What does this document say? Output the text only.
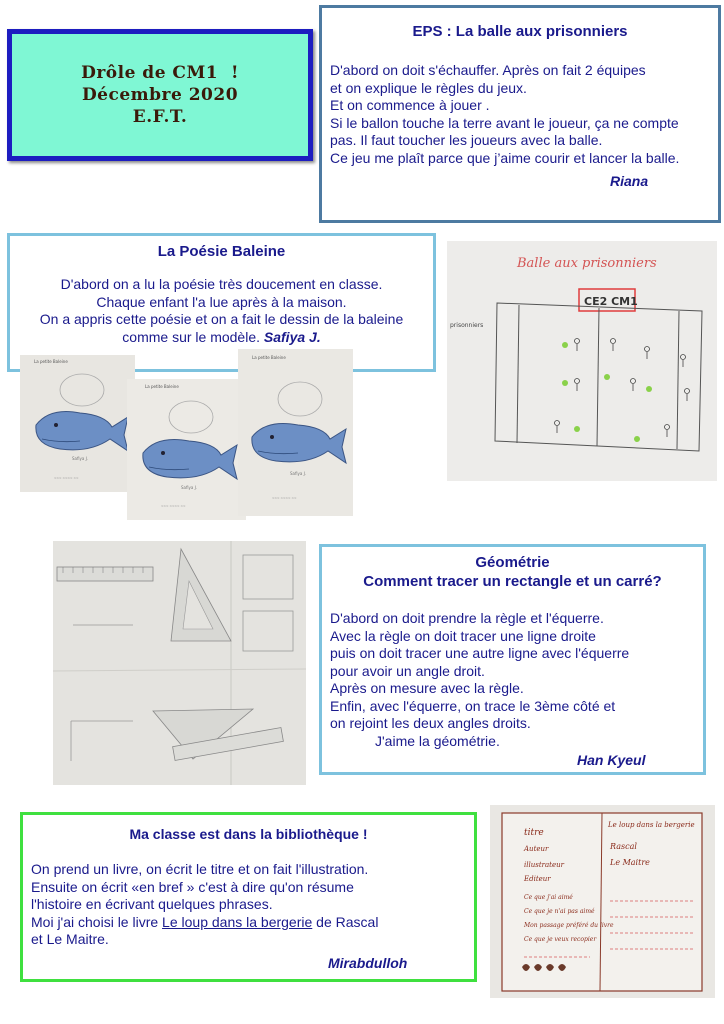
Drôle de CM1  !
Décembre 2020
E.F.T.
EPS : La balle aux prisonniers
D'abord on doit s'échauffer. Après on fait 2 équipes
et on explique le règles du jeux.
Et on commence à jouer .
Si le ballon touche la terre avant le joueur, ça ne compte
pas. Il faut toucher les joueurs avec la balle.
Ce jeu me plaît parce que j’aime courir et lancer la balle.
Riana
La Poésie Baleine
D'abord on a lu la poésie très doucement en classe.
Chaque enfant l'a lue après à la maison.
On a appris cette poésie et on a fait le dessin de la baleine
comme sur le modèle. Safiya J.
La petite Baleine
Safiya J.
≈≈≈ ≈≈≈≈ ≈≈
La petite Baleine
Safiya J.
≈≈≈ ≈≈≈≈ ≈≈
La petite Baleine
Safiya J.
≈≈≈ ≈≈≈≈ ≈≈
Balle aux prisonniers
CE2 CM1
prisonniers
Géométrie
Comment tracer un rectangle et un carré?
D'abord on doit prendre la règle et l'équerre.
Avec la règle on doit tracer une ligne droite
puis on doit tracer une autre ligne avec l'équerre
pour avoir un angle droit.
Après on mesure avec la règle.
Enfin, avec l'équerre, on trace le 3ème côté et
on rejoint les deux angles droits.
J'aime la géométrie.
Han Kyeul
Ma classe est dans la bibliothèque !
On prend un livre, on écrit le titre et on fait l'illustration.
Ensuite on écrit «en bref » c'est à dire qu'on résume
l'histoire en écrivant quelques phrases.
Moi j'ai choisi le livre Le loup dans la bergerie de Rascal
et Le Maitre.
Mirabdulloh
titre
Auteur
illustrateur
Editeur
Ce que j'ai aimé
Ce que je n'ai pas aimé
Mon passage préféré du livre
Ce que je veux recopier
Le loup dans la bergerie
Rascal
Le Maitre
